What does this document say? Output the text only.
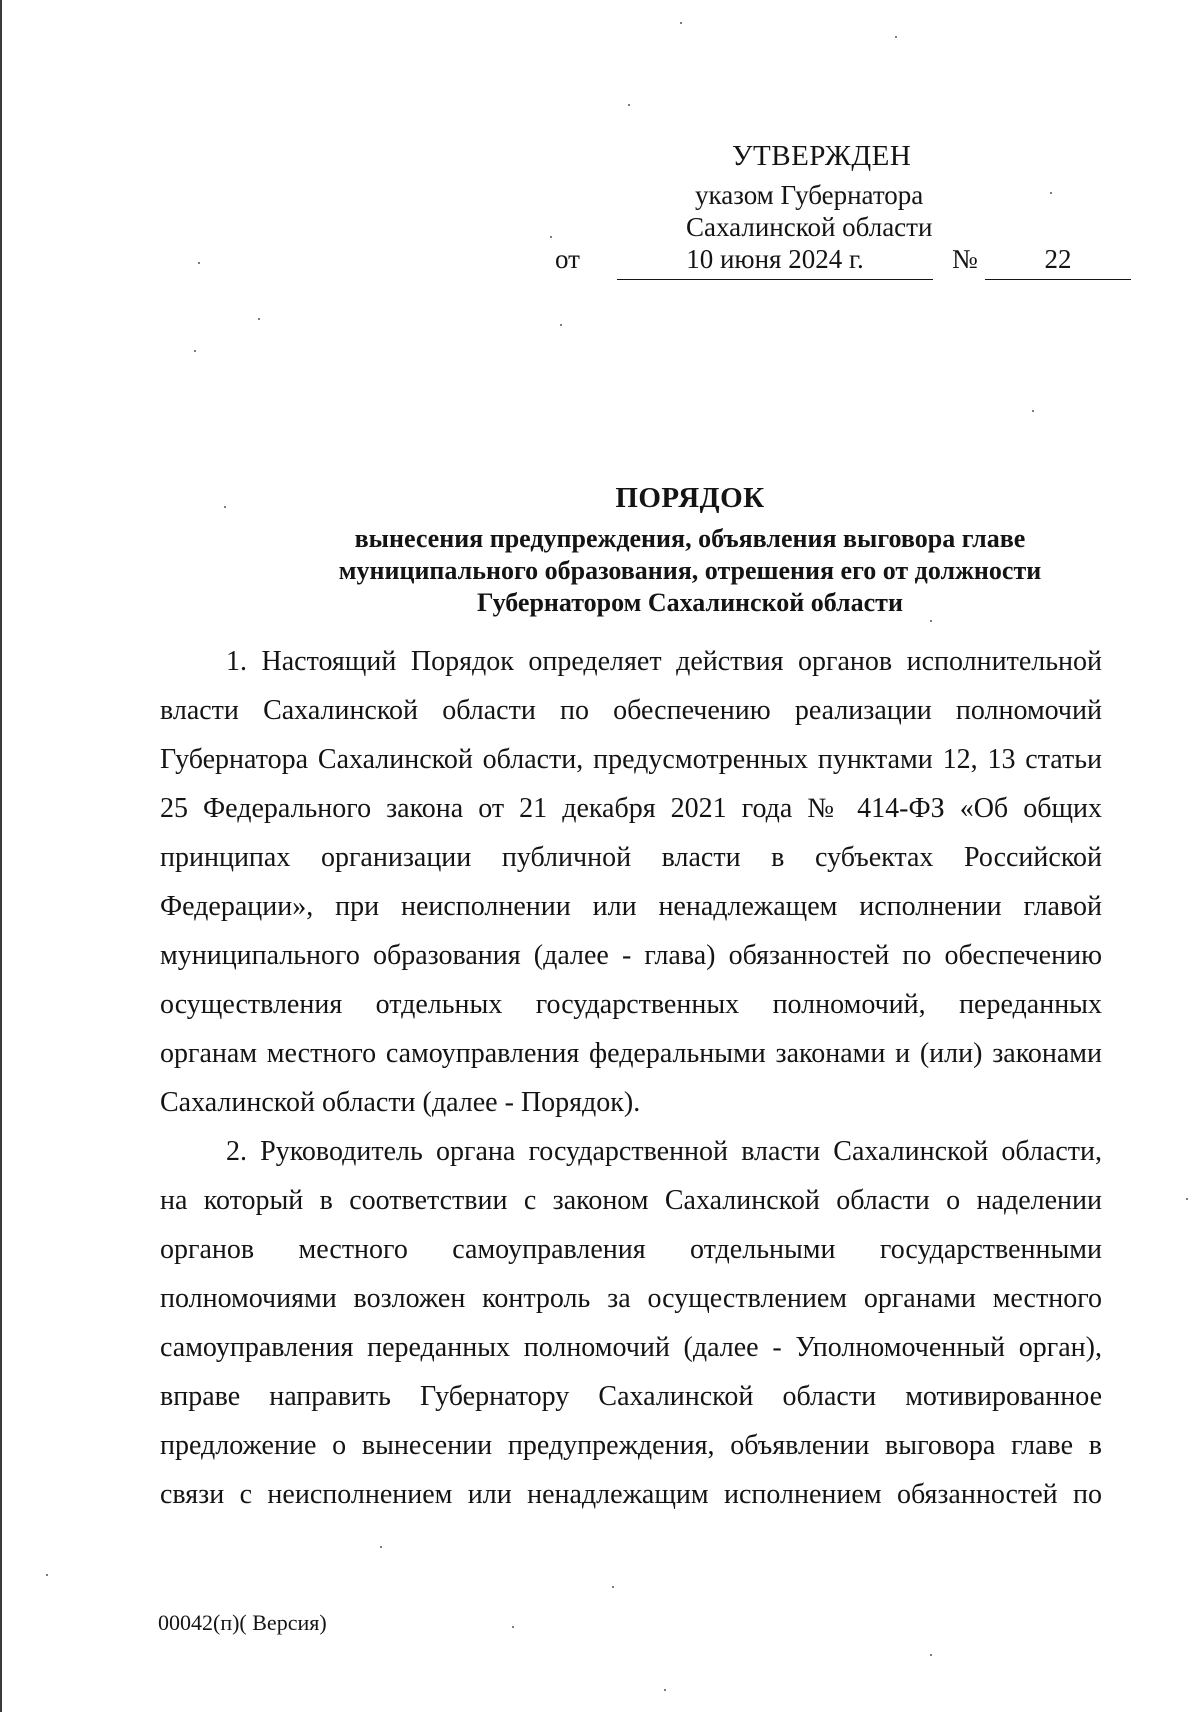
УТВЕРЖДЕН
указом Губернатора
Сахалинской области
от	10 июня 2024 г.	№	22
ПОРЯДОК
вынесения предупреждения, объявления выговора главе
муниципального образования, отрешения его от должности
Губернатором Сахалинской области
1. Настоящий Порядок определяет действия органов исполнительной
власти Сахалинской области по обеспечению реализации полномочий
Губернатора Сахалинской области, предусмотренных пунктами 12, 13 статьи
25 Федерального закона от 21 декабря 2021 года № 414-ФЗ «Об общих
принципах организации публичной власти в субъектах Российской
Федерации», при неисполнении или ненадлежащем исполнении главой
муниципального образования (далее - глава) обязанностей по обеспечению
осуществления отдельных государственных полномочий, переданных
органам местного самоуправления федеральными законами и (или) законами
Сахалинской области (далее - Порядок).
2. Руководитель органа государственной власти Сахалинской области,
на который в соответствии с законом Сахалинской области о наделении
органов местного самоуправления отдельными государственными
полномочиями возложен контроль за осуществлением органами местного
самоуправления переданных полномочий (далее - Уполномоченный орган),
вправе направить Губернатору Сахалинской области мотивированное
предложение о вынесении предупреждения, объявлении выговора главе в
связи с неисполнением или ненадлежащим исполнением обязанностей по
00042(п)( Версия)
